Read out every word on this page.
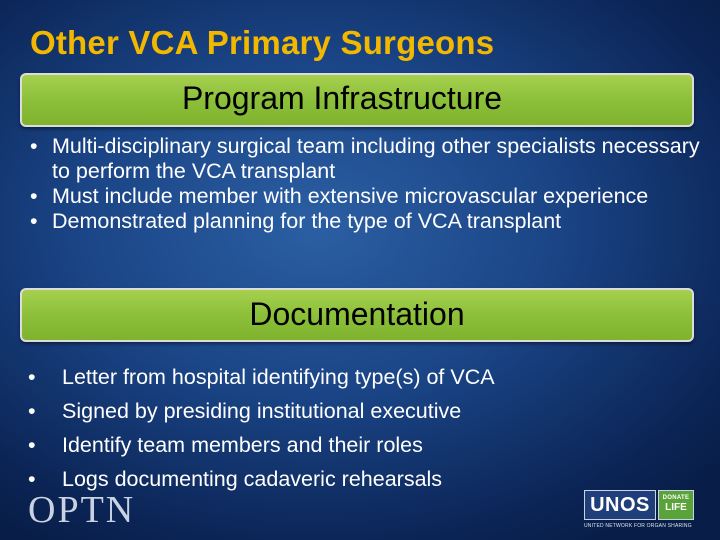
Other VCA Primary Surgeons
Program Infrastructure
• Multi-disciplinary surgical team including other specialists necessary to perform the VCA transplant
• Must include member with extensive microvascular experience
• Demonstrated planning for the type of VCA transplant
Documentation
• Letter from hospital identifying type(s) of VCA
• Signed by presiding institutional executive
• Identify team members and their roles
• Logs documenting cadaveric rehearsals
OPTN	UNOS	DONATE
LIFE
UNITED NETWORK FOR ORGAN SHARING
